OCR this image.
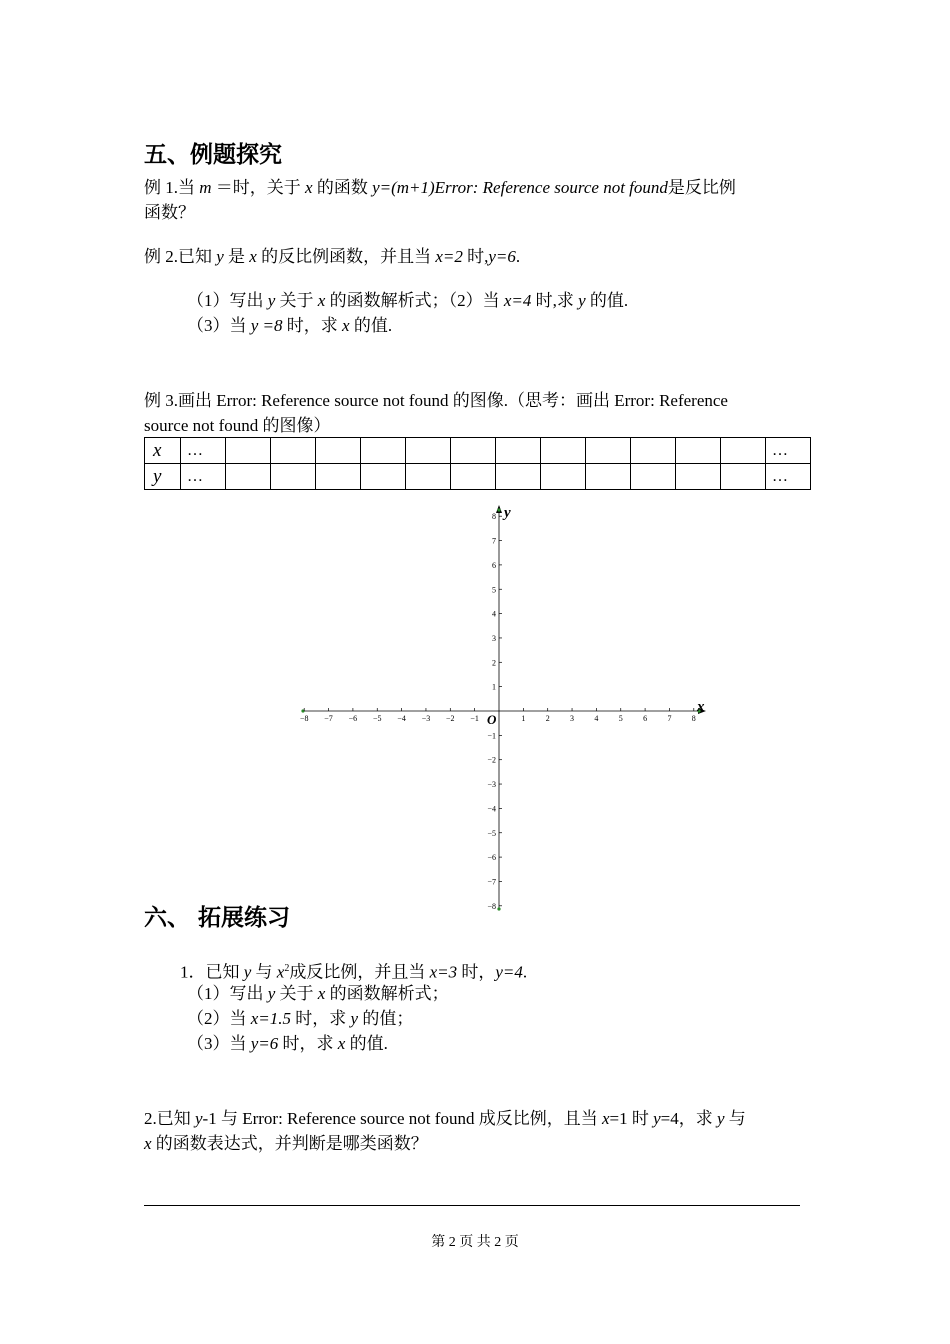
五、例题探究
例 1.当 m ＝时，关于 x 的函数 y=(m+1)Error: Reference source not found是反比例
函数？
例 2.已知 y 是 x 的反比例函数，并且当 x=2 时,y=6.
（1）写出 y 关于 x 的函数解析式；（2）当 x=4 时,求 y 的值.
（3）当 y =8 时，求 x 的值.
例 3.画出 Error: Reference source not found 的图像.（思考：画出 Error: Reference
source not found 的图像）
x	…													…
y	…													…
−8 −7 −6 −5 −4 −3 −2 −1	1	2	3	4	5	6	7	8
8
7
6
5
4
3
2
1
−1
−2
−3
−4
−5
−6
−7
−8
x
y
O
六、 拓展练习
1．已知 y 与 $x^2$成反比例，并且当 x=3 时，y=4.
（1）写出 y 关于 x 的函数解析式；
（2）当 x=1.5 时，求 y 的值；
（3）当 y=6 时，求 x 的值.
2.已知 y-1 与 Error: Reference source not found 成反比例，且当 x=1 时 y=4，求 y 与
x 的函数表达式，并判断是哪类函数？
第 2 页 共 2 页
